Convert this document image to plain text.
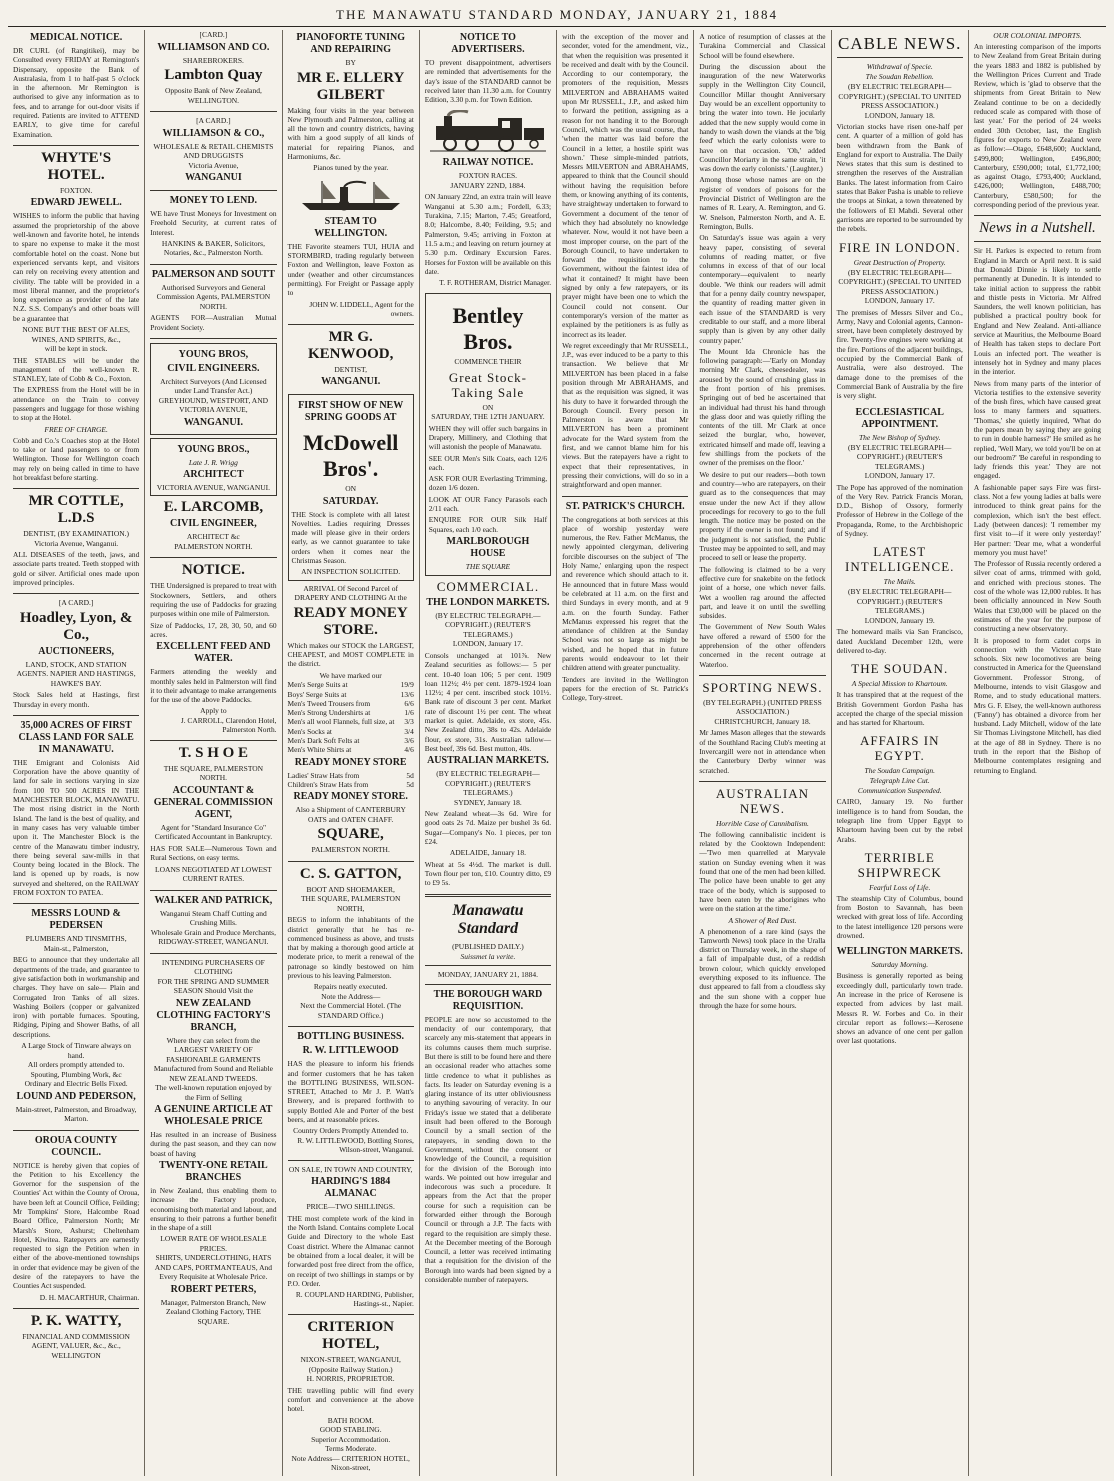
THE MANAWATU STANDARD MONDAY, JANUARY 21, 1884
MEDICAL NOTICE.
DR CURL (of Rangitikei), may be Consulted every FRIDAY at Remington's Dispensary, opposite the Bank of Australasia, from 1 to half-past 5 o'clock in the afternoon. Mr Remington is authorised to give any information as to fees, and to arrange for out-door visits if required. Patients are invited to ATTEND EARLY, to give time for careful Examination.
WHYTE'S HOTEL.
FOXTON.
EDWARD JEWELL.
WISHES to inform the public that having assumed the proprietorship of the above well-known and favorite hotel, he intends to spare no expense to make it the most comfortable hotel on the coast. None but experienced servants kept, and visitors can rely on receiving every attention and civility. The table will be provided in a most liberal manner, and the proprietor's long experience as provider of the late N.Z. S.S. Company's and other boats will be a guarantee that
NONE BUT THE BEST OF ALES, WINES, AND SPIRITS, &c.,
will be kept in stock.
THE STABLES will be under the management of the well-known R. STANLEY, late of Cobb & Co., Foxton.
The EXPRESS from the Hotel will be in attendance on the Train to convey passengers and luggage for those wishing to stop at the Hotel.
FREE OF CHARGE.
Cobb and Co.'s Coaches stop at the Hotel to take or land passengers to or from Wellington. Those for Wellington coach may rely on being called in time to have hot breakfast before starting.
MR COTTLE, L.D.S
DENTIST, (BY EXAMINATION.)
Victoria Avenue, Wanganui.
ALL DISEASES of the teeth, jaws, and associate parts treated. Teeth stopped with gold or silver. Artificial ones made upon improved principles.
[A CARD.]
Hoadley, Lyon, & Co.,
AUCTIONEERS,
LAND, STOCK, AND STATION AGENTS. NAPIER AND HASTINGS, HAWKE'S BAY.
Stock Sales held at Hastings, first Thursday in every month.
35,000 ACRES OF FIRST CLASS LAND FOR SALE IN MANAWATU.
THE Emigrant and Colonists Aid Corporation have the above quantity of land for sale in sections varying in size from 100 TO 500 ACRES IN THE MANCHESTER BLOCK, MANAWATU. The most rising district in the North Island. The land is the best of quality, and in many cases has very valuable timber upon it. The Manchester Block is the centre of the Manawatu timber industry, there being several saw-mills in that County being located in the Block. The land is opened up by roads, is now surveyed and sheltered, on the RAILWAY FROM FOXTON TO PATEA.
MESSRS LOUND & PEDERSEN
PLUMBERS AND TINSMITHS,
Main-st., Palmerston,
BEG to announce that they undertake all departments of the trade, and guarantee to give satisfaction both in workmanship and charges. They have on sale— Plain and Corrugated Iron Tanks of all sizes. Washing Boilers (copper or galvanized iron) with portable furnaces. Spouting, Ridging, Piping and Shower Baths, of all descriptions.
A Large Stock of Tinware always on hand.
All orders promptly attended to.
Spouting, Plumbing Work, &c
Ordinary and Electric Bells Fixed.
LOUND AND PEDERSON,
Main-street, Palmerston, and Broadway, Marton.
OROUA COUNTY COUNCIL.
NOTICE is hereby given that copies of the Petition to his Excellency the Governor for the suspension of the Counties' Act within the County of Oroua, have been left at Council Office, Feilding; Mr Tompkins' Store, Halcombe Road Board Office, Palmerston North; Mr Marsh's Store, Ashurst; Cheltenham Hotel, Kiwitea. Ratepayers are earnestly requested to sign the Petition when in either of the above-mentioned townships in order that evidence may be given of the desire of the ratepayers to have the Counties Act suspended.
D. H. MACARTHUR, Chairman.
P. K. WATTY,
FINANCIAL AND COMMISSION AGENT, VALUER, &c., &c.,
WELLINGTON
[CARD.]
WILLIAMSON AND CO.
SHAREBROKERS.
Lambton Quay
Opposite Bank of New Zealand, WELLINGTON.
[A CARD.]
WILLIAMSON & CO.,
WHOLESALE & RETAIL CHEMISTS AND DRUGGISTS
Victoria Avenue,
WANGANUI
MONEY TO LEND.
WE have Trust Moneys for Investment on Freehold Security, at current rates of Interest.
HANKINS & BAKER, Solicitors, Notaries, &c., Palmerston North.
PALMERSON AND SOUTT
Authorised Surveyors and General Commission Agents, PALMERSTON NORTH.
AGENTS FOR—Australian Mutual Provident Society.
YOUNG BROS,
CIVIL ENGINEERS.
Architect Surveyors (And Licensed under Land Transfer Act.) GREYHOUND, WESTPORT, AND VICTORIA AVENUE,
WANGANUI.
YOUNG BROS.,
Late J. R. Wrigg
ARCHITECT
VICTORIA AVENUE, WANGANUI.
E. LARCOMB,
CIVIL ENGINEER,
ARCHITECT &c
PALMERSTON NORTH.
NOTICE.
THE Undersigned is prepared to treat with Stockowners, Settlers, and others requiring the use of Paddocks for grazing purposes within one mile of Palmerston.
Size of Paddocks, 17, 28, 30, 50, and 60 acres.
EXCELLENT FEED AND WATER.
Farmers attending the weekly and monthly sales held in Palmerston will find it to their advantage to make arrangements for the use of the above Paddocks.
Apply to
J. CARROLL, Clarendon Hotel, Palmerston North.
T. S H O E
THE SQUARE, PALMERSTON NORTH.
ACCOUNTANT & GENERAL COMMISSION AGENT,
Agent for "Standard Insurance Co"
Certificated Accountant in Bankruptcy.
HAS FOR SALE—Numerous Town and Rural Sections, on easy terms.
LOANS NEGOTIATED AT LOWEST CURRENT RATES.
WALKER AND PATRICK,
Wanganui Steam Chaff Cutting and Crushing Mills.
Wholesale Grain and Produce Merchants,
RIDGWAY-STREET, WANGANUI.
INTENDING PURCHASERS OF CLOTHING
FOR THE SPRING AND SUMMER SEASON Should Visit the
NEW ZEALAND CLOTHING FACTORY'S BRANCH,
Where they can select from the
LARGEST VARIETY OF FASHIONABLE GARMENTS
Manufactured from Sound and Reliable NEW ZEALAND TWEEDS.
The well-known reputation enjoyed by the Firm of Selling
A GENUINE ARTICLE AT WHOLESALE PRICE
Has resulted in an increase of Business during the past season, and they can now boast of having
TWENTY-ONE RETAIL BRANCHES
in New Zealand, thus enabling them to increase the Factory produce, economising both material and labour, and ensuring to their patrons a further benefit in the shape of a still
LOWER RATE OF WHOLESALE PRICES.
SHIRTS, UNDERCLOTHING, HATS AND CAPS, PORTMANTEAUS, And Every Requisite at Wholesale Price.
ROBERT PETERS,
Manager, Palmerston Branch, New Zealand Clothing Factory, THE SQUARE.
PIANOFORTE TUNING AND REPAIRING
BY
MR E. ELLERY GILBERT
Making four visits in the year between New Plymouth and Palmerston, calling at all the town and country districts, having with him a good supply of all kinds of material for repairing Pianos, and Harmoniums, &c.
Pianos tuned by the year.
STEAM TO WELLINGTON.
THE Favorite steamers TUI, HUIA and STORMBIRD, trading regularly between Foxton and Wellington, leave Foxton as under (weather and other circumstances permitting). For Freight or Passage apply to
JOHN W. LIDDELL, Agent for the owners.
MR G. KENWOOD,
DENTIST,
WANGANUI.
FIRST SHOW OF NEW SPRING GOODS AT
McDowell Bros'.
ON
SATURDAY.
THE Stock is complete with all latest Novelties. Ladies requiring Dresses made will please give in their orders early, as we cannot guarantee to take orders when it comes near the Christmas Season.
AN INSPECTION SOLICITED.
ARRIVAL Of Second Parcel of DRAPERY AND CLOTHING At the
READY MONEY STORE.
Which makes our STOCK the LARGEST, CHEAPEST, and MOST COMPLETE in the district.
We have marked our
Men's Serge Suits at	19/9
Boys' Serge Suits at	13/6
Men's Tweed Trousers from	6/6
Men's Strong Undershirts at	1/6
Men's all wool Flannels, full size, at 3/3
Men's Socks at	3/4
Men's Dark Soft Felts at	3/6
Men's White Shirts at	4/6
READY MONEY STORE
Ladies' Straw Hats from	5d
Children's Straw Hats from	5d
READY MONEY STORE.
Also a Shipment of CANTERBURY OATS and OATEN CHAFF.
SQUARE,
PALMERSTON NORTH.
C. S. GATTON,
BOOT AND SHOEMAKER,
THE SQUARE, PALMERSTON NORTH,
BEGS to inform the inhabitants of the district generally that he has re-commenced business as above, and trusts that by making a thorough good article at moderate price, to merit a renewal of the patronage so kindly bestowed on him previous to his leaving Palmerston.
Repairs neatly executed.
Note the Address—
Next the Commercial Hotel. (The STANDARD Office.)
BOTTLING BUSINESS.
R. W. LITTLEWOOD
HAS the pleasure to inform his friends and former customers that he has taken the BOTTLING BUSINESS, WILSON-STREET, Attached to Mr J. P. Watt's Brewery, and is prepared forthwith to supply Bottled Ale and Porter of the best beers, and at reasonable prices.
Country Orders Promptly Attended to.
R. W. LITTLEWOOD, Bottling Stores, Wilson-street, Wanganui.
ON SALE, IN TOWN AND COUNTRY,
HARDING'S 1884 ALMANAC
PRICE—TWO SHILLINGS.
THE most complete work of the kind in the North Island. Contains complete Local Guide and Directory to the whole East Coast district. Where the Almanac cannot be obtained from a local dealer, it will be forwarded post free direct from the office, on receipt of two shillings in stamps or by P.O. Order.
R. COUPLAND HARDING, Publisher, Hastings-st., Napier.
CRITERION HOTEL,
NIXON-STREET, WANGANUI, (Opposite Railway Station.)
H. NORRIS, PROPRIETOR.
THE travelling public will find every comfort and convenience at the above hotel.
BATH ROOM.
GOOD STABLING.
Superior Accommodation.
Terms Moderate.
Note Address— CRITERION HOTEL, Nixon-street,
NOTICE TO ADVERTISERS.
TO prevent disappointment, advertisers are reminded that advertisements for the day's issue of the STANDARD cannot be received later than 11.30 a.m. for Country Edition, 3.30 p.m. for Town Edition.
RAILWAY NOTICE.
FOXTON RACES.
JANUARY 22ND, 1884.
ON January 22nd, an extra train will leave Wanganui at 5.30 a.m.; Fordell, 6.33; Turakina, 7.15; Marton, 7.45; Greatford, 8.0; Halcombe, 8.40; Feilding, 9.5; and Palmerston, 9.45; arriving in Foxton at 11.5 a.m.; and leaving on return journey at 5.30 p.m. Ordinary Excursion Fares. Horses for Foxton will be available on this date.
T. F. ROTHERAM, District Manager.
Bentley Bros.
COMMENCE THEIR
Great Stock-Taking Sale
ON
SATURDAY, THE 12TH JANUARY.
WHEN they will offer such bargains in Drapery, Millinery, and Clothing that will astonish the people of Manawatu.
SEE OUR Men's Silk Coats, each 12/6 each.
ASK FOR OUR Everlasting Trimming, dozen 1/6 dozen.
LOOK AT OUR Fancy Parasols each 2/11 each.
ENQUIRE FOR OUR Silk Half Squares, each 1/0 each.
MARLBOROUGH HOUSE
THE SQUARE
COMMERCIAL.
THE LONDON MARKETS.
(BY ELECTRIC TELEGRAPH.—COPYRIGHT.) (REUTER'S TELEGRAMS.)
LONDON, January 17.
Consols unchanged at 101⅞. New Zealand securities as follows:— 5 per cent. 10-40 loan 106; 5 per cent. 1909 loan 112½; 4½ per cent. 1879-1924 loan 112½; 4 per cent. inscribed stock 101½. Bank rate of discount 3 per cent. Market rate of discount 1½ per cent. The wheat market is quiet. Adelaide, ex store, 45s. New Zealand ditto, 38s to 42s. Adelaide flour, ex store, 31s. Australian tallow—Best beef, 39s 6d. Best mutton, 40s.
AUSTRALIAN MARKETS.
(BY ELECTRIC TELEGRAPH—COPYRIGHT.) (REUTER'S TELEGRAMS.)
SYDNEY, January 18.
New Zealand wheat—3s 6d. Wire for good oats 2s 7d. Maize per bushel 3s 6d. Sugar—Company's No. 1 pieces, per ton £24.
ADELAIDE, January 18.
Wheat at 5s 4½d. The market is dull. Town flour per ton, £10. Country ditto, £9 to £9 5s.
Manawatu Standard
(PUBLISHED DAILY.)
Suissmet la verite.
MONDAY, JANUARY 21, 1884.
THE BOROUGH WARD REQUISITION.
PEOPLE are now so accustomed to the mendacity of our contemporary, that scarcely any mis-statement that appears in its columns causes them much surprise. But there is still to be found here and there an occasional reader who attaches some little credence to what it publishes as facts. Its leader on Saturday evening is a glaring instance of its utter obliviousness to anything savouring of veracity. In our Friday's issue we stated that a deliberate insult had been offered to the Borough Council by a small section of the ratepayers, in sending down to the Government, without the consent or knowledge of the Council, a requisition for the division of the Borough into wards. We pointed out how irregular and indecorous was such a procedure. It appears from the Act that the proper course for such a requisition can be forwarded either through the Borough Council or through a J.P. The facts with regard to the requisition are simply these. At the December meeting of the Borough Council, a letter was received intimating that a requisition for the division of the Borough into wards had been signed by a considerable number of ratepayers.
with the exception of the mover and seconder, voted for the amendment, viz., that when the requisition was presented it be received and dealt with by the Council. According to our contemporary, the promoters of the requisition, Messrs MILVERTON and ABRAHAMS waited upon Mr RUSSELL, J.P., and asked him to forward the petition, assigning as a reason for not handing it to the Borough Council, which was the usual course, that 'when the matter was laid before the Council in a letter, a hostile spirit was shown.' These simple-minded patriots, Messrs MILVERTON and ABRAHAMS, appeared to think that the Council should without having the requisition before them, or knowing anything of its contents, have straightway undertaken to forward to Government a document of the tenor of which they had absolutely no knowledge whatever. Now, would it not have been a most improper course, on the part of the Borough Council, to have undertaken to forward the requisition to the Government, without the faintest idea of what it contained? It might have been signed by only a few ratepayers, or its prayer might have been one to which the Council could not consent. Our contemporary's version of the matter as explained by the petitioners is as fully as incorrect as its leader.
We regret exceedingly that Mr RUSSELL, J.P., was ever induced to be a party to this transaction. We believe that Mr MILVERTON has been placed in a false position through Mr ABRAHAMS, and that as the requisition was signed, it was his duty to have it forwarded through the Borough Council. Every person in Palmerston is aware that Mr MILVERTON has been a prominent advocate for the Ward system from the first, and we cannot blame him for his views. But the ratepayers have a right to expect that their representatives, in pressing their convictions, will do so in a straightforward and open manner.
ST. PATRICK'S CHURCH.
The congregations at both services at this place of worship yesterday were numerous, the Rev. Father McManus, the newly appointed clergyman, delivering forcible discourses on the subject of 'The Holy Name,' enlarging upon the respect and reverence which should attach to it. He announced that in future Mass would be celebrated at 11 a.m. on the first and third Sundays in every month, and at 9 a.m. on the fourth Sunday. Father McManus expressed his regret that the attendance of children at the Sunday School was not so large as might be wished, and he hoped that in future parents would endeavour to let their children attend with greater punctuality.
Tenders are invited in the Wellington papers for the erection of St. Patrick's College, Tory-street.
A notice of resumption of classes at the Turakina Commercial and Classical School will be found elsewhere.
During the discussion about the inauguration of the new Waterworks supply in the Wellington City Council, Councillor Millar thought Anniversary Day would be an excellent opportunity to bring the water into town. He jocularly added that the new supply would come in handy to wash down the viands at the 'big feed' which the early colonists were to have on that occasion. 'Oh,' added Councillor Moriarty in the same strain, 'it was down the early colonists.' (Laughter.)
Among those whose names are on the register of vendors of poisons for the Provincial District of Wellington are the names of R. Leary, A. Remington, and G. W. Snelson, Palmerston North, and A. E. Remington, Bulls.
On Saturday's issue was again a very heavy paper, consisting of several columns of reading matter, or five columns in excess of that of our local contemporary—equivalent to nearly double. 'We think our readers will admit that for a penny daily country newspaper, the quantity of reading matter given in each issue of the STANDARD is very creditable to our staff, and a more liberal supply than is given by any other daily country paper.'
The Mount Ida Chronicle has the following paragraph:—'Early on Monday morning Mr Clark, cheesedealer, was aroused by the sound of crushing glass in the front portion of his premises. Springing out of bed he ascertained that an individual had thrust his hand through the glass door and was quietly rifling the contents of the till. Mr Clark at once seized the burglar, who, however, extricated himself and made off, leaving a few shillings from the pockets of the owner of the premises on the floor.'
We desire to put our readers—both town and country—who are ratepayers, on their guard as to the consequences that may ensue under the new Act if they allow proceedings for recovery to go to the full length. The notice may be posted on the property if the owner is not found; and if the judgment is not satisfied, the Public Trustee may be appointed to sell, and may proceed to sell or lease the property.
The following is claimed to be a very effective cure for snakebite on the fetlock joint of a horse, one which never fails. Wet a woollen rag around the affected part, and leave it on until the swelling subsides.
The Government of New South Wales have offered a reward of £500 for the apprehension of the other offenders concerned in the recent outrage at Waterloo.
SPORTING NEWS.
(BY TELEGRAPH.) (UNITED PRESS ASSOCIATION.)
CHRISTCHURCH, January 18.
Mr James Mason alleges that the stewards of the Southland Racing Club's meeting at Invercargill were not in attendance when the Canterbury Derby winner was scratched.
AUSTRALIAN NEWS.
Horrible Case of Cannibalism.
The following cannibalistic incident is related by the Cooktown Independent:—'Two men quarrelled at Maryvale station on Sunday evening when it was found that one of the men had been killed. The police have been unable to get any trace of the body, which is supposed to have been eaten by the aborigines who were on the station at the time.'
A Shower of Red Dust.
A phenomenon of a rare kind (says the Tamworth News) took place in the Uralla district on Thursday week, in the shape of a fall of impalpable dust, of a reddish brown colour, which quickly enveloped everything exposed to its influence. The dust appeared to fall from a cloudless sky and the sun shone with a copper hue through the haze for some hours.
CABLE NEWS.
Withdrawal of Specie.
The Soudan Rebellion.
(BY ELECTRIC TELEGRAPH—COPYRIGHT.) (SPECIAL TO UNITED PRESS ASSOCIATION.)
LONDON, January 18.
Victorian stocks have risen one-half per cent. A quarter of a million of gold has been withdrawn from the Bank of England for export to Australia. The Daily News states that this sum is destined to strengthen the reserves of the Australian Banks. The latest information from Cairo states that Baker Pasha is unable to relieve the troops at Sinkat, a town threatened by the followers of El Mahdi. Several other garrisons are reported to be surrounded by the rebels.
FIRE IN LONDON.
Great Destruction of Property.
(BY ELECTRIC TELEGRAPH—COPYRIGHT.) (SPECIAL TO UNITED PRESS ASSOCIATION.)
LONDON, January 17.
The premises of Messrs Silver and Co., Army, Navy and Colonial agents, Cannon-street, have been completely destroyed by fire. Twenty-five engines were working at the fire. Portions of the adjacent buildings, occupied by the Commercial Bank of Australia, were also destroyed. The damage done to the premises of the Commercial Bank of Australia by the fire is very slight.
ECCLESIASTICAL APPOINTMENT.
The New Bishop of Sydney.
(BY ELECTRIC TELEGRAPH—COPYRIGHT.) (REUTER'S TELEGRAMS.)
LONDON, January 17.
The Pope has approved of the nomination of the Very Rev. Patrick Francis Moran, D.D., Bishop of Ossory, formerly Professor of Hebrew in the College of the Propaganda, Rome, to the Archbishopric of Sydney.
LATEST INTELLIGENCE.
The Mails.
(BY ELECTRIC TELEGRAPH—COPYRIGHT.) (REUTER'S TELEGRAMS.)
LONDON, January 19.
The homeward mails via San Francisco, dated Auckland December 12th, were delivered to-day.
THE SOUDAN.
A Special Mission to Khartoum.
It has transpired that at the request of the British Government Gordon Pasha has accepted the charge of the special mission and has started for Khartoum.
AFFAIRS IN EGYPT.
The Soudan Campaign.
Telegraph Line Cut.
Communication Suspended.
CAIRO, January 19. No further intelligence is to hand from Soudan, the telegraph line from Upper Egypt to Khartoum having been cut by the rebel Arabs.
TERRIBLE SHIPWRECK
Fearful Loss of Life.
The steamship City of Columbus, bound from Boston to Savannah, has been wrecked with great loss of life. According to the latest intelligence 120 persons were drowned.
WELLINGTON MARKETS.
Saturday Morning.
Business is generally reported as being exceedingly dull, particularly town trade. An increase in the price of Kerosene is expected from advices by last mail. Messrs R. W. Forbes and Co. in their circular report as follows:—Kerosene shows an advance of one cent per gallon over last quotations.
OUR COLONIAL IMPORTS.
An interesting comparison of the imports to New Zealand from Great Britain during the years 1883 and 1882 is published by the Wellington Prices Current and Trade Review, which is 'glad to observe that the shipments from Great Britain to New Zealand continue to be on a decidedly reduced scale as compared with those of last year.' For the period of 24 weeks ended 30th October, last, the English figures for exports to New Zealand were as follow:—Otago, £648,600; Auckland, £499,800; Wellington, £496,800; Canterbury, £590,000; total, £1,772,100; as against Otago, £793,400; Auckland, £426,000; Wellington, £488,700; Canterbury, £580,500; for the corresponding period of the previous year.
News in a Nutshell.
Sir H. Parkes is expected to return from England in March or April next. It is said that Donald Dinnie is likely to settle permanently at Dunedin. It is intended to take initial action to suppress the rabbit and thistle pests in Victoria. Mr Alfred Saunders, the well known politician, has published a practical poultry book for England and New Zealand. Anti-alliance service at Mauritius, the Melbourne Board of Health has taken steps to declare Port Louis an infected port. The weather is intensely hot in Sydney and many places in the interior.
News from many parts of the interior of Victoria testifies to the extensive severity of the bush fires, which have caused great loss to many farmers and squatters. 'Thomas,' she quietly inquired, 'What do the papers mean by saying they are going to run in double harness?' He smiled as he replied, 'Well Mary, we told you'll be on at our bedroom?' 'Be careful in responding to lady friends this year.' They are not engaged.
A fashionable paper says Fire was first-class. Not a few young ladies at balls were introduced to think great pains for the complexion, which isn't the best effect. Lady (between dances): 'I remember my first visit to—if it were only yesterday!' Her partner: 'Dear me, what a wonderful memory you must have!'
The Professor of Russia recently ordered a silver coat of arms, trimmed with gold, and enriched with precious stones. The cost of the whole was 12,000 rubles. It has been officially announced in New South Wales that £30,000 will be placed on the estimates of the year for the purpose of constructing a new observatory.
It is proposed to form cadet corps in connection with the Victorian State schools. Six new locomotives are being constructed in America for the Queensland Government. Professor Strong, of Melbourne, intends to visit Glasgow and Rome, and to study educational matters. Mrs G. F. Elsey, the well-known authoress ('Fanny') has obtained a divorce from her husband. Lady Mitchell, widow of the late Sir Thomas Livingstone Mitchell, has died at the age of 88 in Sydney. There is no truth in the report that the Bishop of Melbourne contemplates resigning and returning to England.
